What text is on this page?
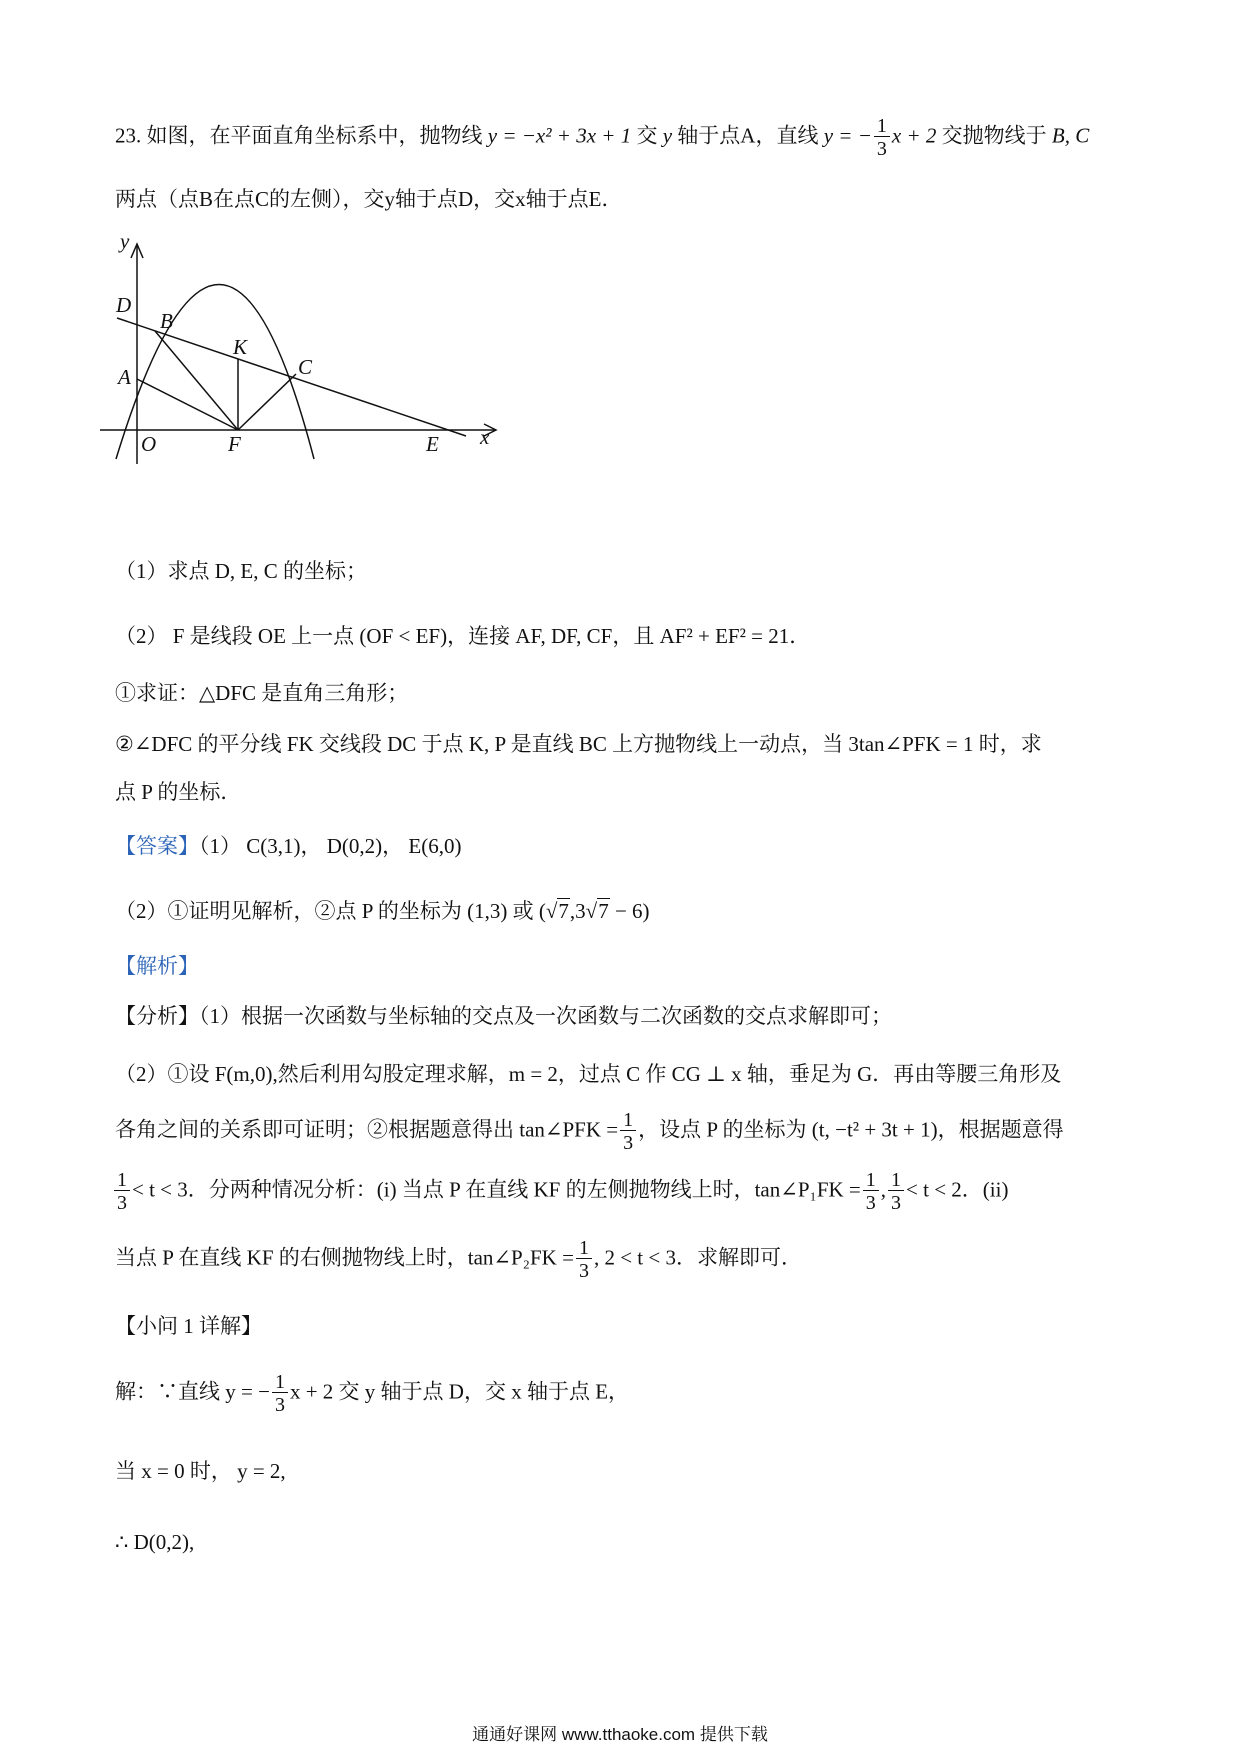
23. 如图，在平面直角坐标系中，抛物线 y = −x² + 3x + 1 交 y 轴于点A，直线 y = − $\frac{1}{3}$ x + 2 交抛物线于 B, C
两点（点B在点C的左侧），交y轴于点D，交x轴于点E．
y
x
D
B
K
C
A
O	F	E
（1）求点 D, E, C 的坐标；
（2） F 是线段 OE 上一点 (OF < EF)，连接 AF, DF, CF，且 AF² + EF² = 21．
①求证：△DFC 是直角三角形；
②∠DFC 的平分线 FK 交线段 DC 于点 K, P 是直线 BC 上方抛物线上一动点，当 3tan∠PFK = 1 时，求
点 P 的坐标．
【答案】（1） C(3,1)， D(0,2)， E(6,0)
（2）①证明见解析，②点 P 的坐标为 (1,3) 或 (√7,3√7 − 6)
【解析】
【分析】（1）根据一次函数与坐标轴的交点及一次函数与二次函数的交点求解即可；
（2）①设 F(m,0),然后利用勾股定理求解，m = 2，过点 C 作 CG ⊥ x 轴，垂足为 G．再由等腰三角形及
各角之间的关系即可证明；②根据题意得出 tan∠PFK = $\frac{1}{3}$ ，设点 P 的坐标为 (t, −t² + 3t + 1)，根据题意得
$\frac{1}{3} < t < 3$．分两种情况分析：(i) 当点 P 在直线 KF 的左侧抛物线上时，tan∠P₁FK = $\frac{1}{3}$ , $\frac{1}{3} < t < 2$．(ii)
当点 P 在直线 KF 的右侧抛物线上时，tan∠P₂FK = $\frac{1}{3}$ , 2 < t < 3．求解即可．
【小问 1 详解】
解：∵直线 y = − $\frac{1}{3}$ x + 2 交 y 轴于点 D，交 x 轴于点 E，
当 x = 0 时， y = 2,
∴ D(0,2),
通通好课网 www.tthaoke.com 提供下载
